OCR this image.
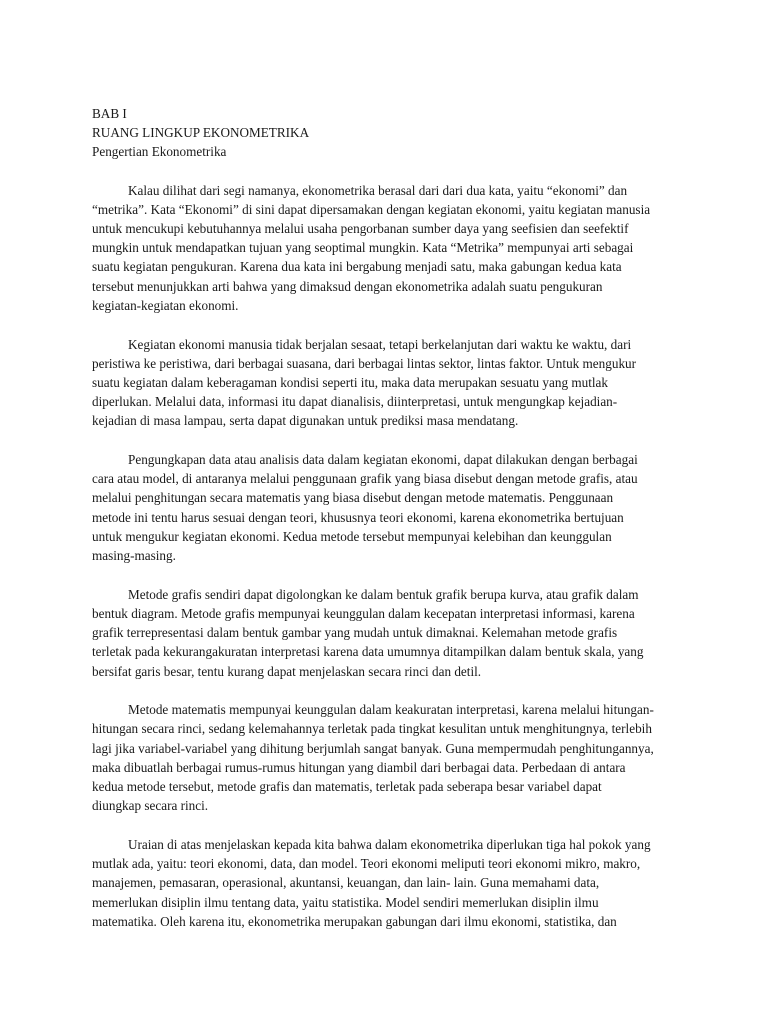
BAB I
RUANG LINGKUP EKONOMETRIKA
Pengertian Ekonometrika
Kalau dilihat dari segi namanya, ekonometrika berasal dari dari dua kata, yaitu “ekonomi” dan
“metrika”. Kata “Ekonomi” di sini dapat dipersamakan dengan kegiatan ekonomi, yaitu kegiatan manusia
untuk mencukupi kebutuhannya melalui usaha pengorbanan sumber daya yang seefisien dan seefektif
mungkin untuk mendapatkan tujuan yang seoptimal mungkin. Kata “Metrika” mempunyai arti sebagai
suatu kegiatan pengukuran. Karena dua kata ini bergabung menjadi satu, maka gabungan kedua kata
tersebut menunjukkan arti bahwa yang dimaksud dengan ekonometrika adalah suatu pengukuran
kegiatan-kegiatan ekonomi.
Kegiatan ekonomi manusia tidak berjalan sesaat, tetapi berkelanjutan dari waktu ke waktu, dari
peristiwa ke peristiwa, dari berbagai suasana, dari berbagai lintas sektor, lintas faktor. Untuk mengukur
suatu kegiatan dalam keberagaman kondisi seperti itu, maka data merupakan sesuatu yang mutlak
diperlukan. Melalui data, informasi itu dapat dianalisis, diinterpretasi, untuk mengungkap kejadian-
kejadian di masa lampau, serta dapat digunakan untuk prediksi masa mendatang.
Pengungkapan data atau analisis data dalam kegiatan ekonomi, dapat dilakukan dengan berbagai
cara atau model, di antaranya melalui penggunaan grafik yang biasa disebut dengan metode grafis, atau
melalui penghitungan secara matematis yang biasa disebut dengan metode matematis. Penggunaan
metode ini tentu harus sesuai dengan teori, khususnya teori ekonomi, karena ekonometrika bertujuan
untuk mengukur kegiatan ekonomi. Kedua metode tersebut mempunyai kelebihan dan keunggulan
masing-masing.
Metode grafis sendiri dapat digolongkan ke dalam bentuk grafik berupa kurva, atau grafik dalam
bentuk diagram. Metode grafis mempunyai keunggulan dalam kecepatan interpretasi informasi, karena
grafik terrepresentasi dalam bentuk gambar yang mudah untuk dimaknai. Kelemahan metode grafis
terletak pada kekurangakuratan interpretasi karena data umumnya ditampilkan dalam bentuk skala, yang
bersifat garis besar, tentu kurang dapat menjelaskan secara rinci dan detil.
Metode matematis mempunyai keunggulan dalam keakuratan interpretasi, karena melalui hitungan-
hitungan secara rinci, sedang kelemahannya terletak pada tingkat kesulitan untuk menghitungnya, terlebih
lagi jika variabel-variabel yang dihitung berjumlah sangat banyak. Guna mempermudah penghitungannya,
maka dibuatlah berbagai rumus-rumus hitungan yang diambil dari berbagai data. Perbedaan di antara
kedua metode tersebut, metode grafis dan matematis, terletak pada seberapa besar variabel dapat
diungkap secara rinci.
Uraian di atas menjelaskan kepada kita bahwa dalam ekonometrika diperlukan tiga hal pokok yang
mutlak ada, yaitu: teori ekonomi, data, dan model. Teori ekonomi meliputi teori ekonomi mikro, makro,
manajemen, pemasaran, operasional, akuntansi, keuangan, dan lain- lain. Guna memahami data,
memerlukan disiplin ilmu tentang data, yaitu statistika. Model sendiri memerlukan disiplin ilmu
matematika. Oleh karena itu, ekonometrika merupakan gabungan dari ilmu ekonomi, statistika, dan
